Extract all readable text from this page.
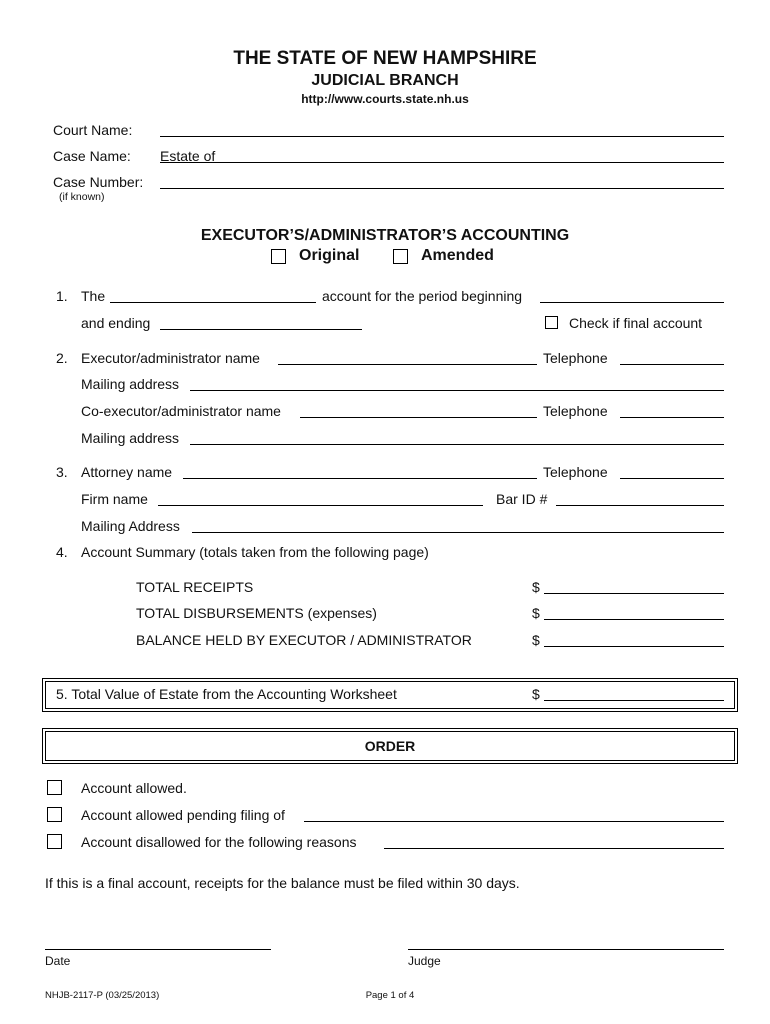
THE STATE OF NEW HAMPSHIRE
JUDICIAL BRANCH
http://www.courts.state.nh.us
Court Name:
Case Name: Estate of
Case Number:
(if known)
EXECUTOR’S/ADMINISTRATOR’S ACCOUNTING
Original	Amended
1. The	account for the period beginning
and ending	Check if final account
2. Executor/administrator name	Telephone
Mailing address
Co-executor/administrator name	Telephone
Mailing address
3. Attorney name	Telephone
Firm name	Bar ID #
Mailing Address
4. Account Summary (totals taken from the following page)
TOTAL RECEIPTS	$
TOTAL DISBURSEMENTS (expenses)	$
BALANCE HELD BY EXECUTOR / ADMINISTRATOR	$
5. Total Value of Estate from the Accounting Worksheet	$
ORDER
Account allowed.
Account allowed pending filing of
Account disallowed for the following reasons
If this is a final account, receipts for the balance must be filed within 30 days.
Date	Judge
NHJB-2117-P (03/25/2013)	Page 1 of 4
